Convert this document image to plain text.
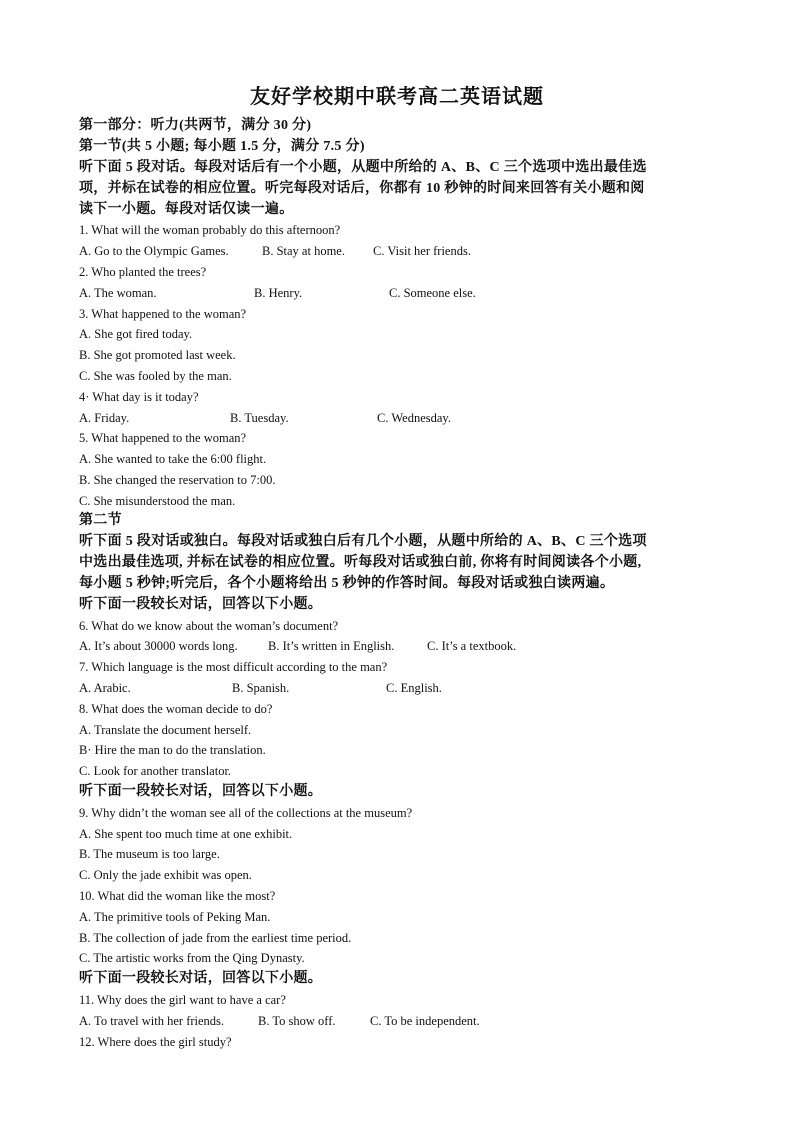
友好学校期中联考高二英语试题
第一部分：听力(共两节，满分 30 分)
第一节(共 5 小题; 每小题 1.5 分，满分 7.5 分)
听下面 5 段对话。每段对话后有一个小题，从题中所给的 A、B、C 三个选项中选出最佳选
项，并标在试卷的相应位置。听完每段对话后，你都有 10 秒钟的时间来回答有关小题和阅
读下一小题。每段对话仅读一遍。
1. What will the woman probably do this afternoon?
A. Go to the Olympic Games.	B. Stay at home. C. Visit her friends.
2. Who planted the trees?
A. The woman.	B. Henry.	C. Someone else.
3. What happened to the woman?
A. She got fired today.
B. She got promoted last week.
C. She was fooled by the man.
4· What day is it today?
A. Friday.	B. Tuesday.	C. Wednesday.
5. What happened to the woman?
A. She wanted to take the 6:00 flight.
B. She changed the reservation to 7:00.
C. She misunderstood the man.
第二节
听下面 5 段对话或独白。每段对话或独白后有几个小题，从题中所给的 A、B、C 三个选项
中选出最佳选项, 并标在试卷的相应位置。听每段对话或独白前, 你将有时间阅读各个小题,
每小题 5 秒钟;听完后，各个小题将给出 5 秒钟的作答时间。每段对话或独白读两遍。
听下面一段较长对话，回答以下小题。
6. What do we know about the woman’s document?
A. It’s about 30000 words long. B. It’s written in English.	C. It’s a textbook.
7. Which language is the most difficult according to the man?
A. Arabic.	B. Spanish.	C. English.
8. What does the woman decide to do?
A. Translate the document herself.
B· Hire the man to do the translation.
C. Look for another translator.
听下面一段较长对话，回答以下小题。
9. Why didn’t the woman see all of the collections at the museum?
A. She spent too much time at one exhibit.
B. The museum is too large.
C. Only the jade exhibit was open.
10. What did the woman like the most?
A. The primitive tools of Peking Man.
B. The collection of jade from the earliest time period.
C. The artistic works from the Qing Dynasty.
听下面一段较长对话，回答以下小题。
11. Why does the girl want to have a car?
A. To travel with her friends.	B. To show off.	C. To be independent.
12. Where does the girl study?
